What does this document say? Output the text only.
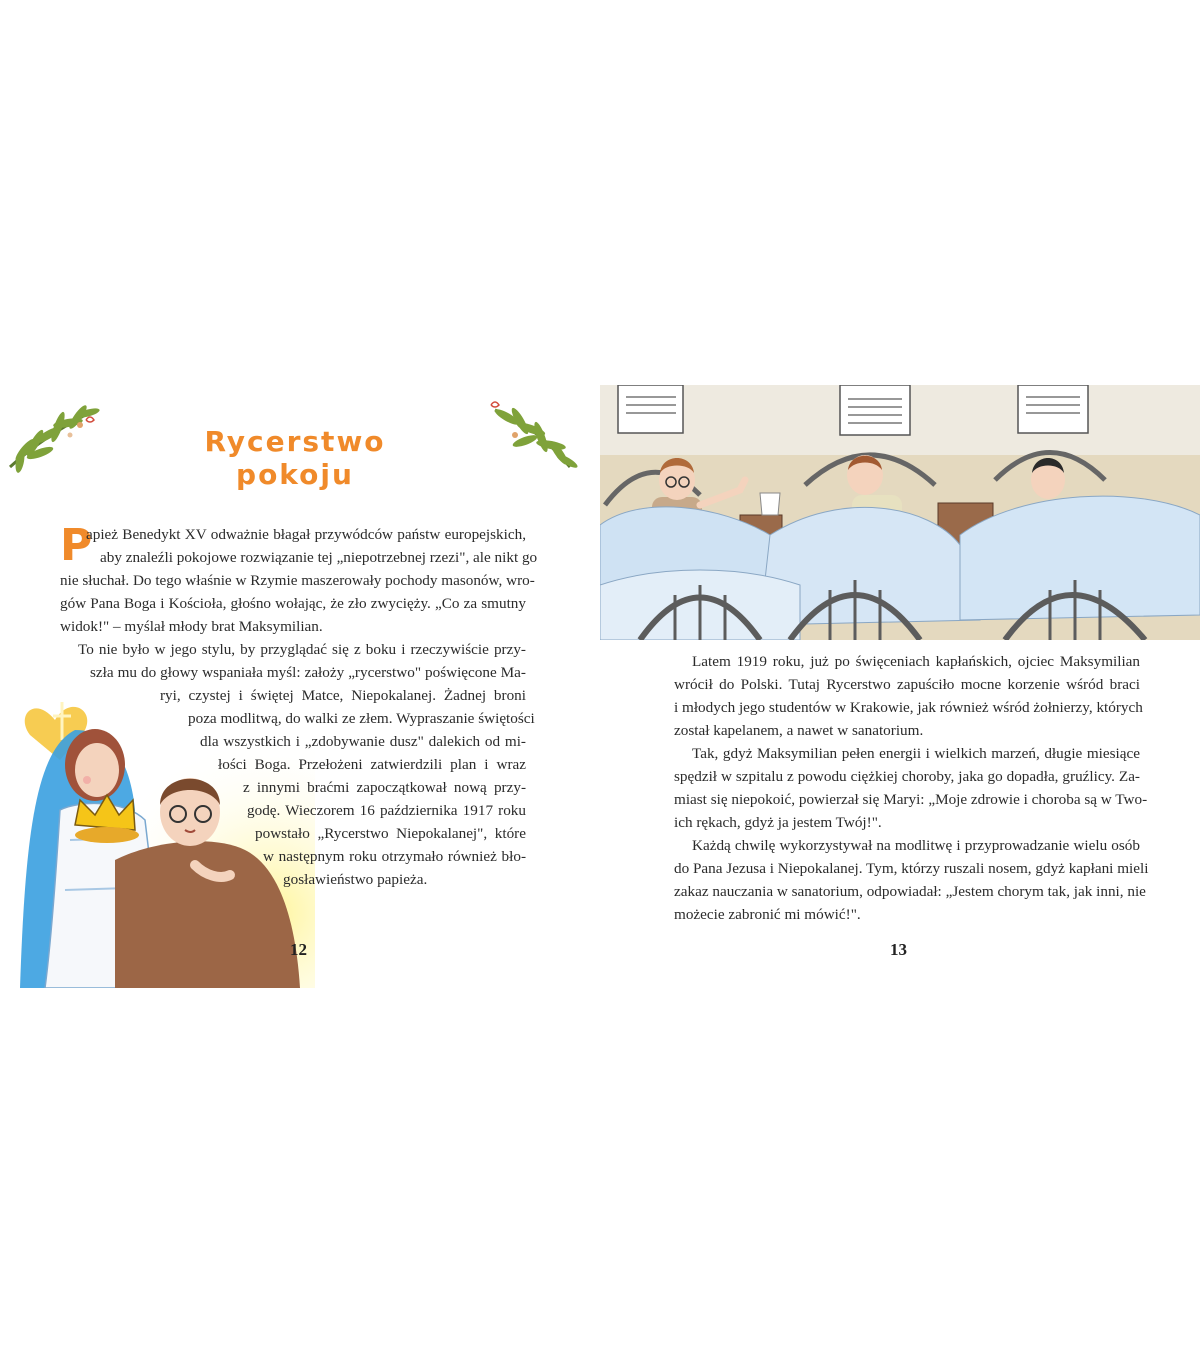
Rycerstwo pokoju
P
apież Benedykt XV odważnie błagał przywódców państw europejskich,
aby znaleźli pokojowe rozwiązanie tej „niepotrzebnej rzezi", ale nikt go
nie słuchał. Do tego właśnie w Rzymie maszerowały pochody masonów, wro-
gów Pana Boga i Kościoła, głośno wołając, że zło zwycięży. „Co za smutny
widok!" – myślał młody brat Maksymilian.
To nie było w jego stylu, by przyglądać się z boku i rzeczywiście przy-
szła mu do głowy wspaniała myśl: założy „rycerstwo" poświęcone Ma-
ryi, czystej i świętej Matce, Niepokalanej. Żadnej broni
poza modlitwą, do walki ze złem. Wypraszanie świętości
dla wszystkich i „zdobywanie dusz" dalekich od mi-
łości Boga. Przełożeni zatwierdzili plan i wraz
z innymi braćmi zapoczątkował nową przy-
godę. Wieczorem 16 października 1917 roku
powstało „Rycerstwo Niepokalanej", które
w następnym roku otrzymało również bło-
gosławieństwo papieża.
12
Latem 1919 roku, już po święceniach kapłańskich, ojciec Maksymilian
wrócił do Polski. Tutaj Rycerstwo zapuściło mocne korzenie wśród braci
i młodych jego studentów w Krakowie, jak również wśród żołnierzy, których
został kapelanem, a nawet w sanatorium.
Tak, gdyż Maksymilian pełen energii i wielkich marzeń, długie miesiące
spędził w szpitalu z powodu ciężkiej choroby, jaka go dopadła, gruźlicy. Za-
miast się niepokoić, powierzał się Maryi: „Moje zdrowie i choroba są w Two-
ich rękach, gdyż ja jestem Twój!".
Każdą chwilę wykorzystywał na modlitwę i przyprowadzanie wielu osób
do Pana Jezusa i Niepokalanej. Tym, którzy ruszali nosem, gdyż kapłani mieli
zakaz nauczania w sanatorium, odpowiadał: „Jestem chorym tak, jak inni, nie
możecie zabronić mi mówić!".
13
